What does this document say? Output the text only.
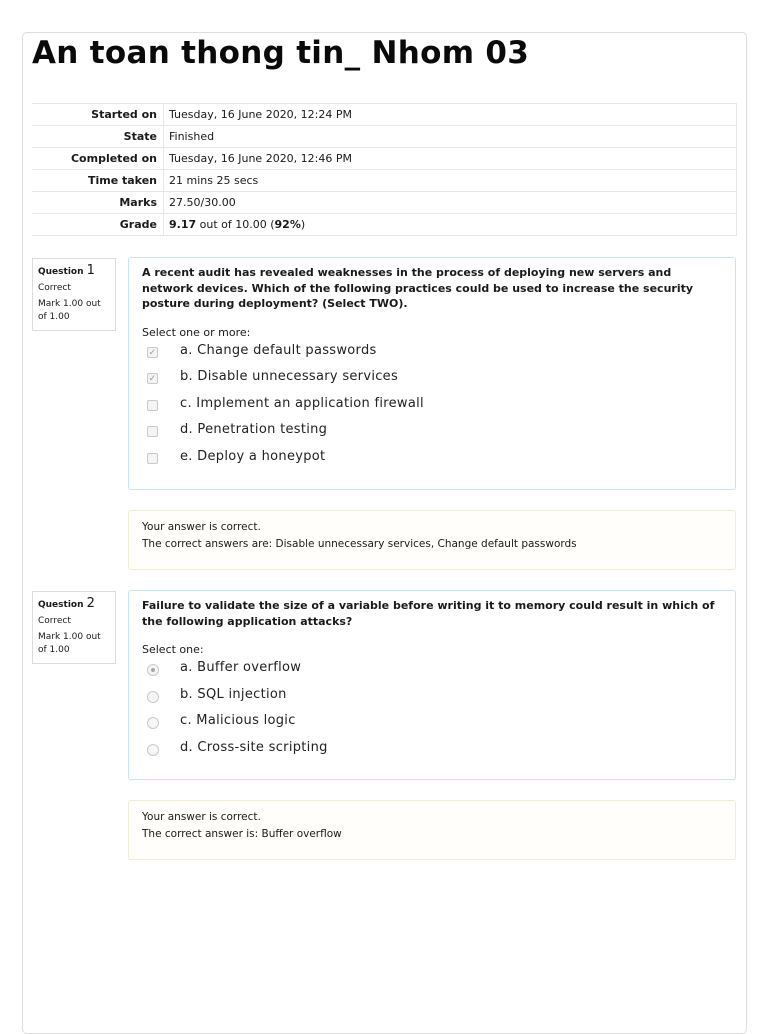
An toan thong tin_ Nhom 03
Started on	Tuesday, 16 June 2020, 12:24 PM
State	Finished
Completed on	Tuesday, 16 June 2020, 12:46 PM
Time taken	21 mins 25 secs
Marks	27.50/30.00
Grade	9.17 out of 10.00 (92%)
Question 1
Correct
Mark 1.00 out of 1.00

A recent audit has revealed weaknesses in the process of deploying new servers and network devices. Which of the following practices could be used to increase the security posture during deployment? (Select TWO).

Select one or more:
✓ a. Change default passwords
✓ b. Disable unnecessary services
c. Implement an application firewall
d. Penetration testing
e. Deploy a honeypot
Your answer is correct.
The correct answers are: Disable unnecessary services, Change default passwords
Question 2
Correct
Mark 1.00 out of 1.00

Failure to validate the size of a variable before writing it to memory could result in which of the following application attacks?

Select one:
a. Buffer overflow
b. SQL injection
c. Malicious logic
d. Cross-site scripting
Your answer is correct.
The correct answer is: Buffer overflow
